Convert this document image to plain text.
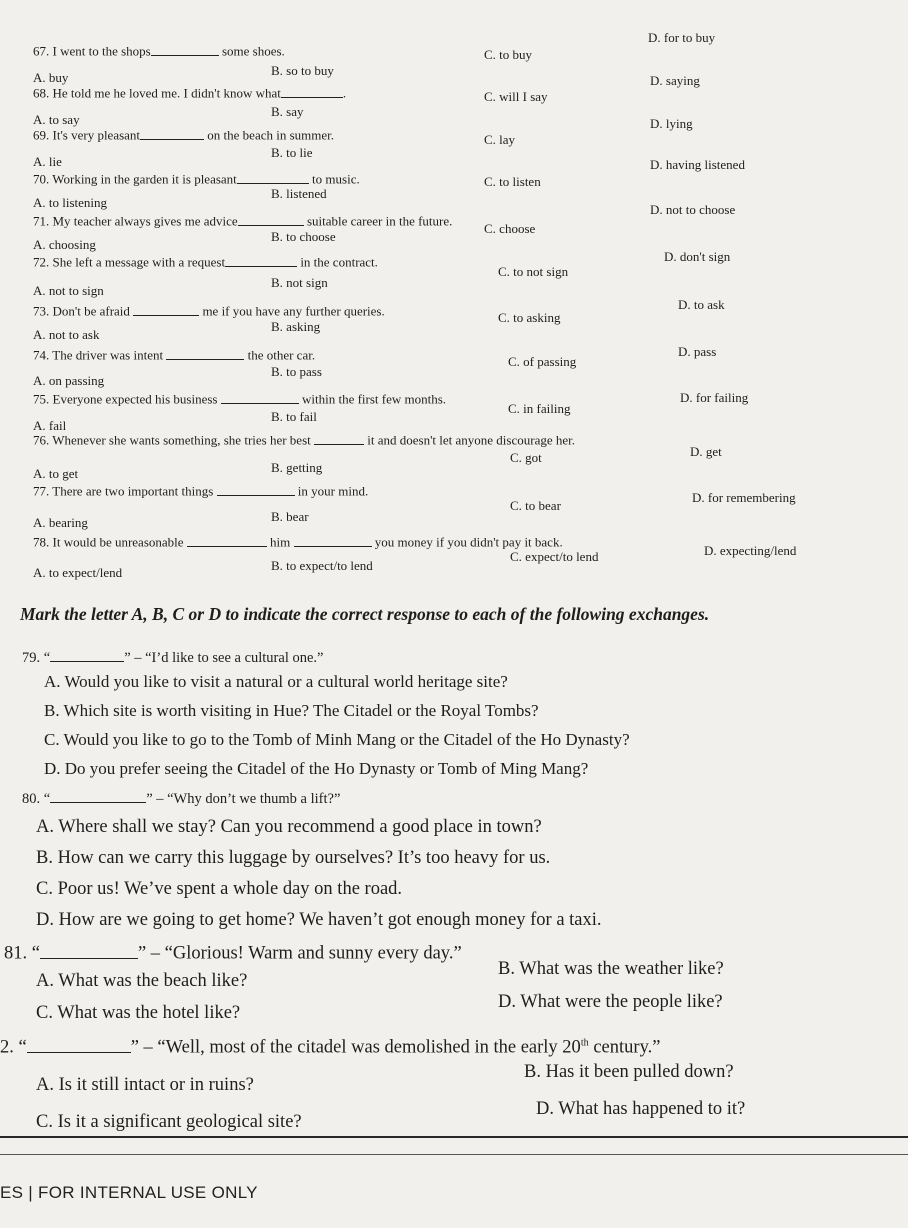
67. I went to the shops	some shoes.
D. for to buy
C. to buy
B. so to buy
A. buy
68. He told me he loved me. I didn't know what	.
D. saying
C. will I say
B. say
A. to say
69. It's very pleasant	on the beach in summer.
D. lying
C. lay
B. to lie
A. lie
70. Working in the garden it is pleasant	to music.
D. having listened
C. to listen
B. listened
A. to listening
71. My teacher always gives me advice	suitable career in the future.
D. not to choose
C. choose
B. to choose
A. choosing
72. She left a message with a request	in the contract.	D. don't sign
C. to not sign
B. not sign
A. not to sign
73. Don't be afraid	me if you have any further queries.	D. to ask
C. to asking
B. asking
A. not to ask
74. The driver was intent	the other car.	D. pass
C. of passing
B. to pass
A. on passing
75. Everyone expected his business	within the first few months.	D. for failing
C. in failing
B. to fail
A. fail
76. Whenever she wants something, she tries her best	it and doesn't let anyone discourage her.
C. got	D. get
B. getting
A. to get
77. There are two important things	in your mind.	D. for remembering
C. to bear
B. bear
A. bearing
78. It would be unreasonable	him	you money if you didn't pay it back.
A. to expect/lend	B. to expect/to lend
C. expect/to lend	D. expecting/lend
Mark the letter A, B, C or D to indicate the correct response to each of the following exchanges.
79. “	” – “I’d like to see a cultural one.”
A. Would you like to visit a natural or a cultural world heritage site?
B. Which site is worth visiting in Hue? The Citadel or the Royal Tombs?
C. Would you like to go to the Tomb of Minh Mang or the Citadel of the Ho Dynasty?
D. Do you prefer seeing the Citadel of the Ho Dynasty or Tomb of Ming Mang?
80. “	” – “Why don’t we thumb a lift?”
A. Where shall we stay? Can you recommend a good place in town?
B. How can we carry this luggage by ourselves? It’s too heavy for us.
C. Poor us! We’ve spent a whole day on the road.
D. How are we going to get home? We haven’t got enough money for a taxi.
81. “	” – “Glorious! Warm and sunny every day.”
A. What was the beach like?
B. What was the weather like?
C. What was the hotel like?
D. What were the people like?
2. “	” – “Well, most of the citadel was demolished in the early 20th century.”
A. Is it still intact or in ruins?
B. Has it been pulled down?
C. Is it a significant geological site?
D. What has happened to it?
ES | FOR INTERNAL USE ONLY
